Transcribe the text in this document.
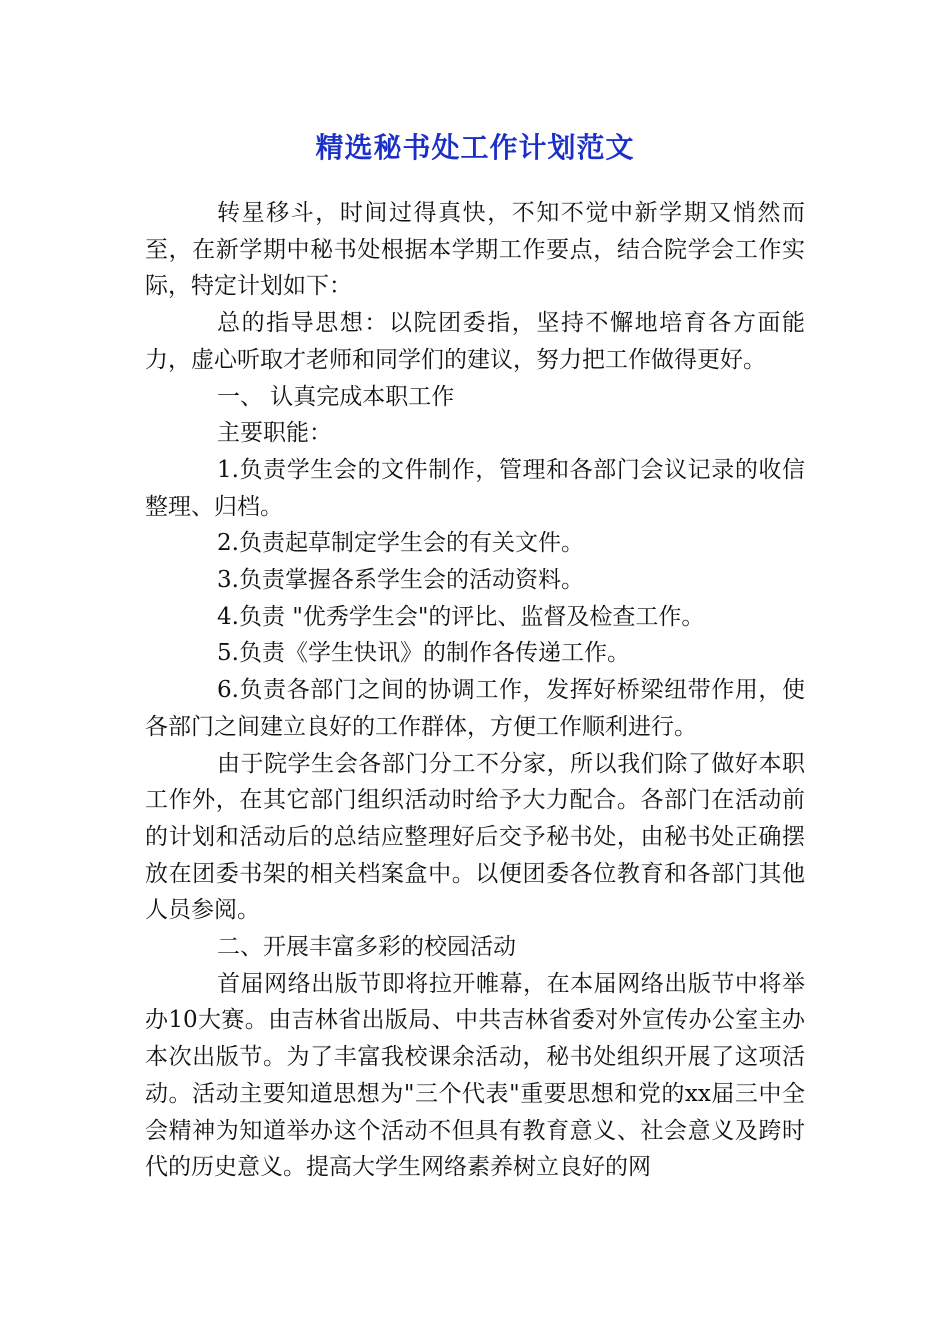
精选秘书处工作计划范文

转星移斗，时间过得真快，不知不觉中新学期又悄然而至，在新学期中秘书处根据本学期工作要点，结合院学会工作实际，特定计划如下：

总的指导思想：以院团委指，坚持不懈地培育各方面能力，虚心听取才老师和同学们的建议，努力把工作做得更好。

一、 认真完成本职工作

主要职能：

1.负责学生会的文件制作，管理和各部门会议记录的收信整理、归档。

2.负责起草制定学生会的有关文件。

3.负责掌握各系学生会的活动资料。

4.负责 "优秀学生会"的评比、监督及检查工作。

5.负责《学生快讯》的制作各传递工作。

6.负责各部门之间的协调工作，发挥好桥梁纽带作用，使各部门之间建立良好的工作群体，方便工作顺利进行。

由于院学生会各部门分工不分家，所以我们除了做好本职工作外，在其它部门组织活动时给予大力配合。各部门在活动前的计划和活动后的总结应整理好后交予秘书处，由秘书处正确摆放在团委书架的相关档案盒中。以便团委各位教育和各部门其他人员参阅。

二、开展丰富多彩的校园活动

首届网络出版节即将拉开帷幕，在本届网络出版节中将举办10大赛。由吉林省出版局、中共吉林省委对外宣传办公室主办本次出版节。为了丰富我校课余活动，秘书处组织开展了这项活动。活动主要知道思想为"三个代表"重要思想和党的xx届三中全会精神为知道举办这个活动不但具有教育意义、社会意义及跨时代的历史意义。提高大学生网络素养树立良好的网
